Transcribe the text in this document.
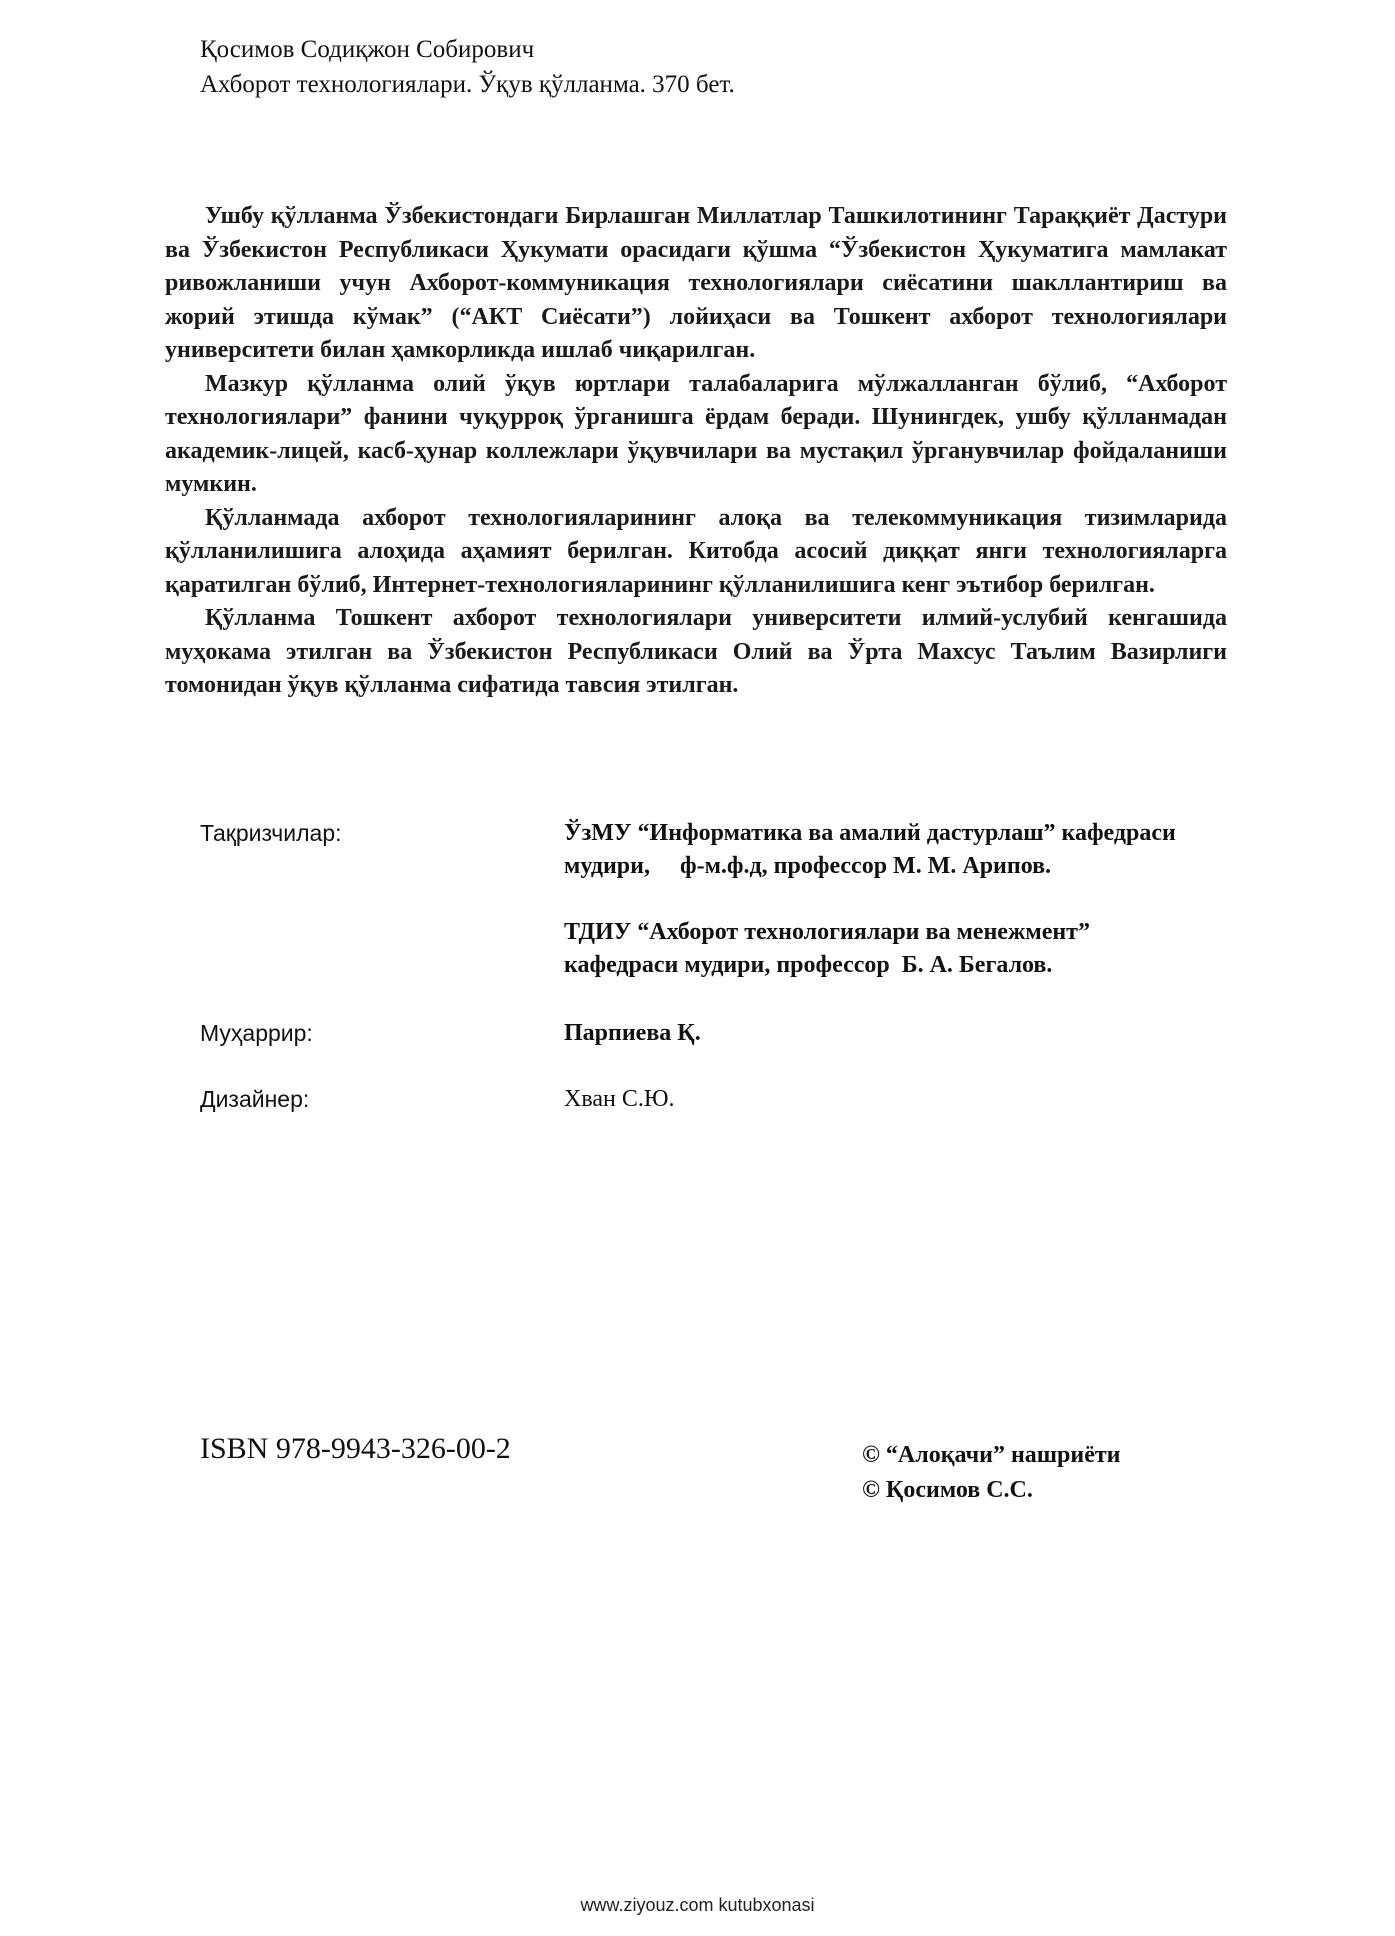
Қосимов Содиқжон Собирович
Ахборот технологиялари. Ўқув қўлланма. 370 бет.

Ушбу қўлланма Ўзбекистондаги Бирлашган Миллатлар Ташкилотининг Тараққиёт Дастури ва Ўзбекистон Республикаси Ҳукумати орасидаги қўшма “Ўзбекистон Ҳукуматига мамлакат ривожланиши учун Ахборот-коммуникация технологиялари сиёсатини шакллантириш ва жорий этишда кўмак” (“АКТ Сиёсати”) лойиҳаси ва Тошкент ахборот технологиялари университети билан ҳамкорликда ишлаб чиқарилган.

Мазкур қўлланма олий ўқув юртлари талабаларига мўлжалланган бўлиб, “Ахборот технологиялари” фанини чуқурроқ ўрганишга ёрдам беради. Шунингдек, ушбу қўлланмадан академик-лицей, касб-ҳунар коллежлари ўқувчилари ва мустақил ўрганувчилар фойдаланиши мумкин.

Қўлланмада ахборот технологияларининг алоқа ва телекоммуникация тизимларида қўлланилишига алоҳида аҳамият берилган. Китобда асосий диққат янги технологияларга қаратилган бўлиб, Интернет-технологияларининг қўлланилишига кенг эътибор берилган.

Қўлланма Тошкент ахборот технологиялари университети илмий-услубий кенгашида муҳокама этилган ва Ўзбекистон Республикаси Олий ва Ўрта Махсус Таълим Вазирлиги томонидан ўқув қўлланма сифатида тавсия этилган.

Тақризчилар:	ЎзМУ “Информатика ва амалий дастурлаш” кафедраси

мудири,     ф-м.ф.д, профессор М. М. Арипов.

ТДИУ “Ахборот технологиялари ва менежмент”

кафедраси мудири, профессор  Б. А. Бегалов.

Муҳаррир:	Парпиева Қ.
Дизайнер:	Хван С.Ю.
ISBN 978-9943-326-00-2	© “Алоқачи” нашриёти

© Қосимов С.С.

www.ziyouz.com kutubxonasi
